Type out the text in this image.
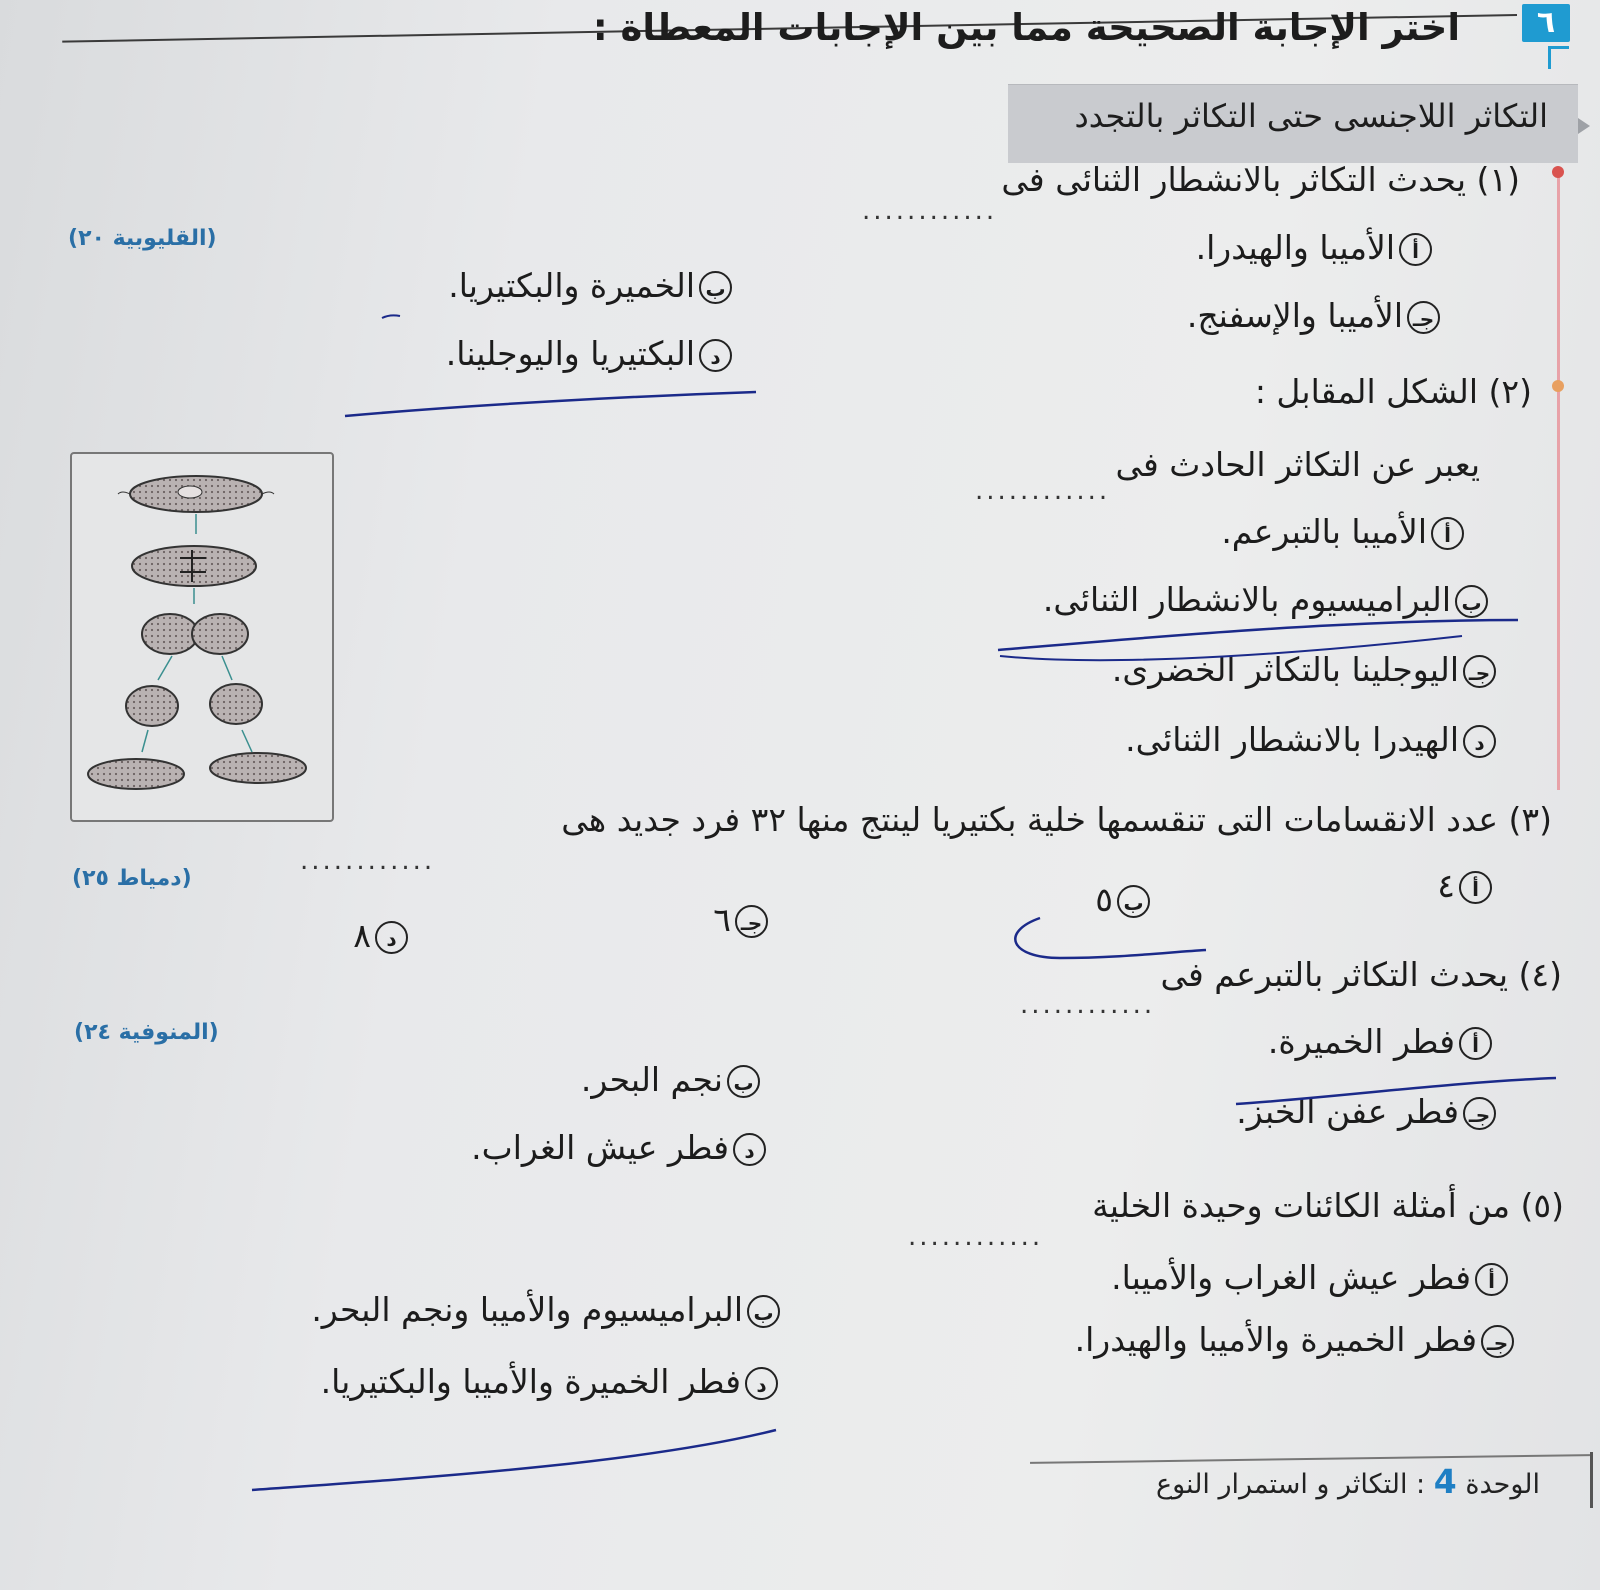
٦
اختر الإجابة الصحيحة مما بين الإجابات المعطاة :
التكاثر اللاجنسى حتى التكاثر بالتجدد
(١) يحدث التكاثر بالانشطار الثنائى فى
............
(القليوبية ٢٠)	أالأميبا والهيدرا.
بالخميرة والبكتيريا.
جـالأميبا والإسفنج.
دالبكتيريا واليوجلينا.
(٢) الشكل المقابل :
يعبر عن التكاثر الحادث فى
............
أالأميبا بالتبرعم.
بالبراميسيوم بالانشطار الثنائى.
جـاليوجلينا بالتكاثر الخضرى.
دالهيدرا بالانشطار الثنائى.
(٣) عدد الانقسامات التى تنقسمها خلية بكتيريا لينتج منها ٣٢ فرد جديد هى
............
(دمياط ٢٥)	أ٤
ب٥
جـ٦
د٨
(٤) يحدث التكاثر بالتبرعم فى
............
(المنوفية ٢٤)	أفطر الخميرة.
بنجم البحر.
جـفطر عفن الخبز.
دفطر عيش الغراب.
(٥) من أمثلة الكائنات وحيدة الخلية
............
أفطر عيش الغراب والأميبا.
بالبراميسيوم والأميبا ونجم البحر.
جـفطر الخميرة والأميبا والهيدرا.
دفطر الخميرة والأميبا والبكتيريا.
الوحدة 4 : التكاثر و استمرار النوع
